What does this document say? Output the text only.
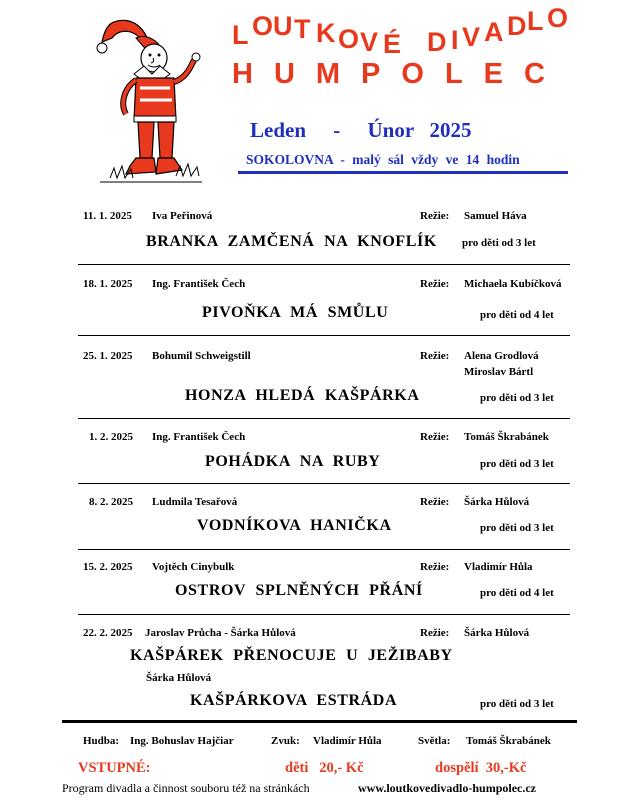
L O U T K O V É D I V A D L O
HUMPOLEC
Leden - Únor 2025
SOKOLOVNA - malý sál vždy ve 14 hodin
11. 1. 2025 Iva Peřinová	Režie: Samuel Háva
BRANKA ZAMČENÁ NA KNOFLÍK pro děti od 3 let
18. 1. 2025 Ing. František Čech	Režie: Michaela Kubíčková
PIVOŇKA MÁ SMŮLU	pro děti od 4 let
25. 1. 2025 Bohumil Schweigstill	Režie: Alena Grodlová
Miroslav Bártl
HONZA HLEDÁ KAŠPÁRKA	pro děti od 3 let
1. 2. 2025 Ing. František Čech	Režie: Tomáš Škrabánek
POHÁDKA NA RUBY	pro děti od 3 let
8. 2. 2025 Ludmila Tesařová	Režie: Šárka Hůlová
VODNÍKOVA HANIČKA	pro děti od 3 let
15. 2. 2025 Vojtěch Cinybulk	Režie: Vladimír Hůla
OSTROV SPLNĚNÝCH PŘÁNÍ	pro děti od 4 let
22. 2. 2025 Jaroslav Průcha - Šárka Hůlová	Režie: Šárka Hůlová
KAŠPÁREK PŘENOCUJE U JEŽIBABY
Šárka Hůlová
KAŠPÁRKOVA ESTRÁDA	pro děti od 3 let
Hudba: Ing. Bohuslav Hajčiar	Zvuk: Vladimír Hůla	Světla: Tomáš Škrabánek
VSTUPNÉ:	děti   20,- Kč	dospělí  30,-Kč
Program divadla a činnost souboru též na stránkách	www.loutkovedivadlo-humpolec.cz
